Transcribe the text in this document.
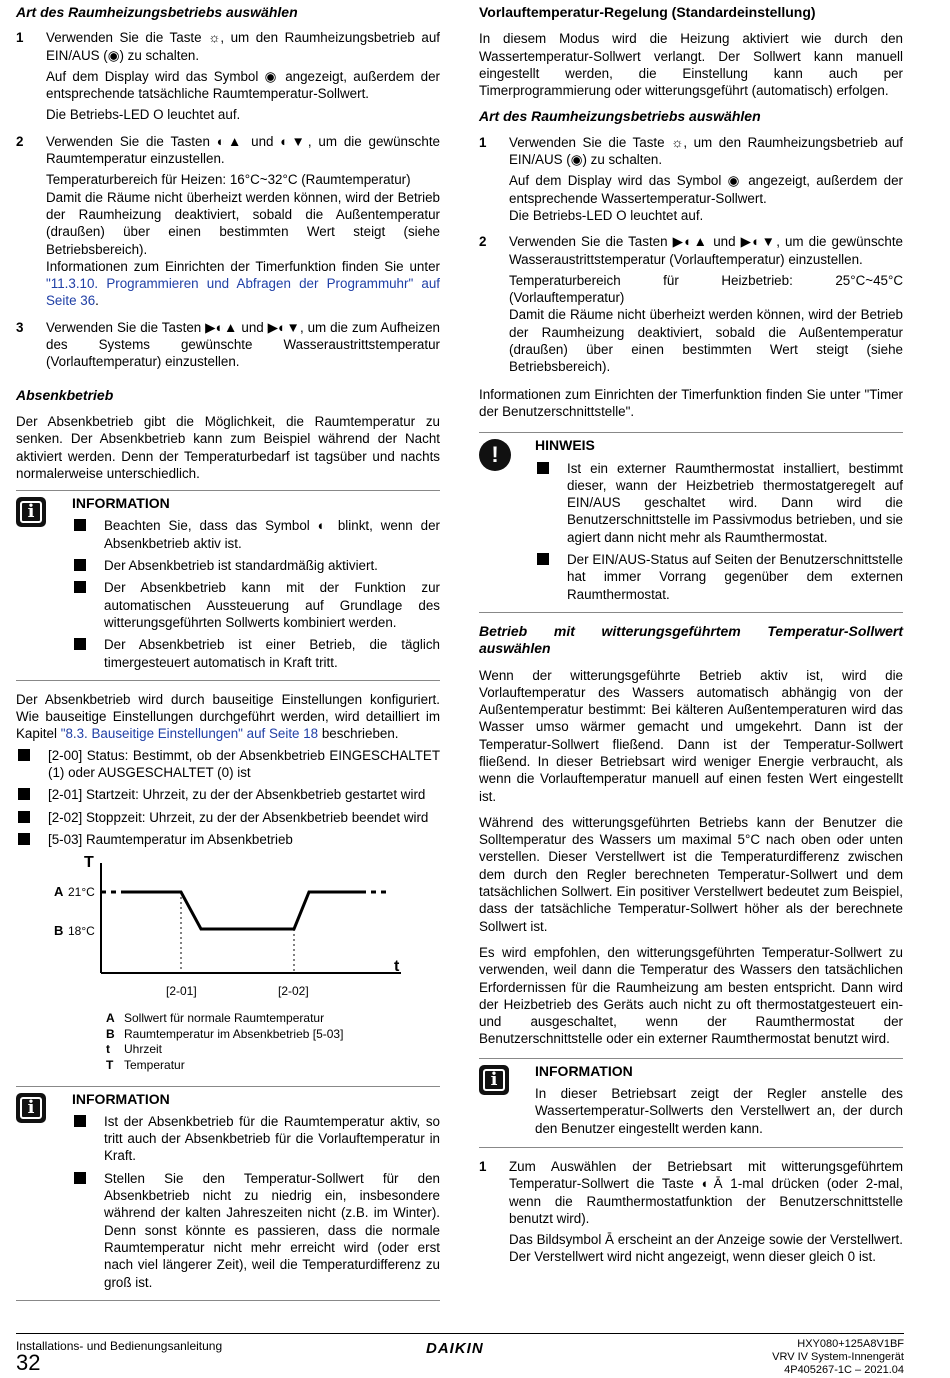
Art des Raumheizungsbetriebs auswählen

1	Verwenden Sie die Taste ☼, um den Raumheizungsbetrieb auf EIN/AUS (◉) zu schalten.

Auf dem Display wird das Symbol ◉ angezeigt, außerdem der entsprechende tatsächliche Raumtemperatur-Sollwert.

Die Betriebs-LED O leuchtet auf.

2	Verwenden Sie die Tasten ◐▲ und ◐▼, um die gewünschte Raumtemperatur einzustellen.

Temperaturbereich für Heizen: 16°C~32°C (Raumtemperatur)

Damit die Räume nicht überheizt werden können, wird der Betrieb der Raumheizung deaktiviert, sobald die Außentemperatur (draußen) über einen bestimmten Wert steigt (siehe Betriebsbereich).

Informationen zum Einrichten der Timerfunktion finden Sie unter "11.3.10. Programmieren und Abfragen der Programmuhr" auf Seite 36.

3	Verwenden Sie die Tasten ▶◐▲ und ▶◐▼, um die zum Aufheizen des Systems gewünschte Wasseraustrittstemperatur (Vorlauftemperatur) einzustellen.

Absenkbetrieb

Der Absenkbetrieb gibt die Möglichkeit, die Raumtemperatur zu senken. Der Absenkbetrieb kann zum Beispiel während der Nacht aktiviert werden. Denn der Temperaturbedarf ist tagsüber und nachts normalerweise unterschiedlich.

i	INFORMATION

Beachten Sie, dass das Symbol ◐ blinkt, wenn der Absenkbetrieb aktiv ist.
Der Absenkbetrieb ist standardmäßig aktiviert.
Der Absenkbetrieb kann mit der Funktion zur automatischen Aussteuerung auf Grundlage des witterungsgeführten Sollwerts kombiniert werden.
Der Absenkbetrieb ist einer Betrieb, die täglich timergesteuert automatisch in Kraft tritt.

Der Absenkbetrieb wird durch bauseitige Einstellungen konfiguriert. Wie bauseitige Einstellungen durchgeführt werden, wird detailliert im Kapitel "8.3. Bauseitige Einstellungen" auf Seite 18 beschrieben.

[2-00] Status: Bestimmt, ob der Absenkbetrieb EINGESCHALTET (1) oder AUSGESCHALTET (0) ist
[2-01] Startzeit: Uhrzeit, zu der der Absenkbetrieb gestartet wird
[2-02] Stoppzeit: Uhrzeit, zu der der Absenkbetrieb beendet wird
[5-03] Raumtemperatur im Absenkbetrieb
T
t
A 21°C
B 18°C
[2-01]	[2-02]
A Sollwert für normale Raumtemperatur
B Raumtemperatur im Absenkbetrieb [5-03]
t	Uhrzeit
T Temperatur
i	INFORMATION

Ist der Absenkbetrieb für die Raumtemperatur aktiv, so tritt auch der Absenkbetrieb für die Vorlauftemperatur in Kraft.
Stellen Sie den Temperatur-Sollwert für den Absenkbetrieb nicht zu niedrig ein, insbesondere während der kalten Jahreszeiten nicht (z.B. im Winter). Denn sonst könnte es passieren, dass die normale Raumtemperatur nicht mehr erreicht wird (oder erst nach viel längerer Zeit), weil die Temperaturdifferenz zu groß ist.

Vorlauftemperatur-Regelung (Standardeinstellung)

In diesem Modus wird die Heizung aktiviert wie durch den Wassertemperatur-Sollwert verlangt. Der Sollwert kann manuell eingestellt werden, die Einstellung kann auch per Timerprogrammierung oder witterungsgeführt (automatisch) erfolgen.

Art des Raumheizungsbetriebs auswählen

1	Verwenden Sie die Taste ☼, um den Raumheizungsbetrieb auf EIN/AUS (◉) zu schalten.

Auf dem Display wird das Symbol ◉ angezeigt, außerdem der entsprechende Wassertemperatur-Sollwert.

Die Betriebs-LED O leuchtet auf.

2	Verwenden Sie die Tasten ▶◐▲ und ▶◐▼, um die gewünschte Wasseraustrittstemperatur (Vorlauftemperatur) einzustellen.

Temperaturbereich für Heizbetrieb: 25°C~45°C (Vorlauftemperatur)

Damit die Räume nicht überheizt werden können, wird der Betrieb der Raumheizung deaktiviert, sobald die Außentemperatur (draußen) über einen bestimmten Wert steigt (siehe Betriebsbereich).

Informationen zum Einrichten der Timerfunktion finden Sie unter "Timer der Benutzerschnittstelle".

!	HINWEIS

Ist ein externer Raumthermostat installiert, bestimmt dieser, wann der Heizbetrieb thermostatgeregelt auf EIN/AUS geschaltet wird. Dann wird die Benutzerschnittstelle im Passivmodus betrieben, und sie agiert dann nicht mehr als Raumthermostat.
Der EIN/AUS-Status auf Seiten der Benutzerschnittstelle hat immer Vorrang gegenüber dem externen Raumthermostat.

Betrieb mit witterungsgeführtem Temperatur-Sollwert auswählen

Wenn der witterungsgeführte Betrieb aktiv ist, wird die Vorlauftemperatur des Wassers automatisch abhängig von der Außentemperatur bestimmt: Bei kälteren Außentemperaturen wird das Wasser umso wärmer gemacht und umgekehrt. Dann ist der Temperatur-Sollwert fließend. Dann ist der Temperatur-Sollwert fließend. In dieser Betriebsart wird weniger Energie verbraucht, als wenn die Vorlauftemperatur manuell auf einen festen Wert eingestellt ist.

Während des witterungsgeführten Betriebs kann der Benutzer die Solltemperatur des Wassers um maximal 5°C nach oben oder unten verstellen. Dieser Verstellwert ist die Temperaturdifferenz zwischen dem durch den Regler berechneten Temperatur-Sollwert und dem tatsächlichen Sollwert. Ein positiver Verstellwert bedeutet zum Beispiel, dass der tatsächliche Temperatur-Sollwert höher als der berechnete Sollwert ist.

Es wird empfohlen, den witterungsgeführten Temperatur-Sollwert zu verwenden, weil dann die Temperatur des Wassers den tatsächlichen Erfordernissen für die Raumheizung am besten entspricht. Dann wird der Heizbetrieb des Geräts auch nicht zu oft thermostatgesteuert ein- und ausgeschaltet, wenn der Raumthermostat der Benutzerschnittstelle oder ein externer Raumthermostat benutzt wird.

i	INFORMATION

In dieser Betriebsart zeigt der Regler anstelle des Wassertemperatur-Sollwerts den Verstellwert an, der durch den Benutzer eingestellt werden kann.

1	Zum Auswählen der Betriebsart mit witterungsgeführtem Temperatur-Sollwert die Taste ◐Ā 1-mal drücken (oder 2-mal, wenn die Raumthermostatfunktion der Benutzerschnittstelle benutzt wird).

Das Bildsymbol Ā erscheint an der Anzeige sowie der Verstellwert. Der Verstellwert wird nicht angezeigt, wenn dieser gleich 0 ist.

Installations- und Bedienungsanleitung
32
DAIKIN	HXY080+125A8V1BF
VRV IV System-Innengerät
4P405267-1C – 2021.04
